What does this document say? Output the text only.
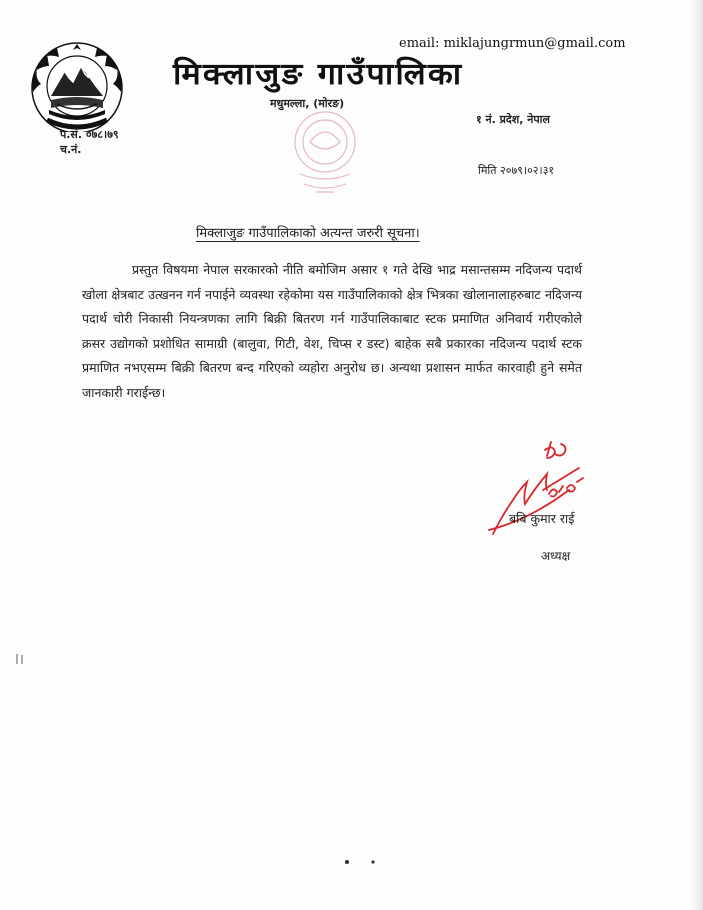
email: miklajungrmun@gmail.com
मिक्लाजुङ गाउँपालिका
मधुमल्ला, (मोरङ)
१ नं. प्रदेश, नेपाल
प.सं. ०७८।७९
च.नं.
मिति २०७९।०२।३१
मिक्लाजुङ गाउँपालिकाको अत्यन्त जरुरी सूचना।

प्रस्तुत विषयमा नेपाल सरकारको नीति बमोजिम असार १ गते देखि भाद्र मसान्तसम्म नदिजन्य पदार्थ खोला क्षेत्रबाट उत्खनन गर्न नपाईने व्यवस्था रहेकोमा यस गाउँपालिकाको क्षेत्र भित्रका खोलानालाहरुबाट नदिजन्य पदार्थ चोरी निकासी नियन्त्रणका लागि बिक्री बितरण गर्न गाउँपालिकाबाट स्टक प्रमाणित अनिवार्य गरीएकोले क्रसर उद्योगको प्रशोधित सामाग्री (बालुवा, गिटी, वेश, चिप्स र डस्ट) बाहेक सबै प्रकारका नदिजन्य पदार्थ स्टक प्रमाणित नभएसम्म बिक्री बितरण बन्द गरिएको व्यहोरा अनुरोध छ। अन्यथा प्रशासन मार्फत कारवाही हुने समेत जानकारी गराईन्छ।

बबि कुमार राई
अध्यक्ष
